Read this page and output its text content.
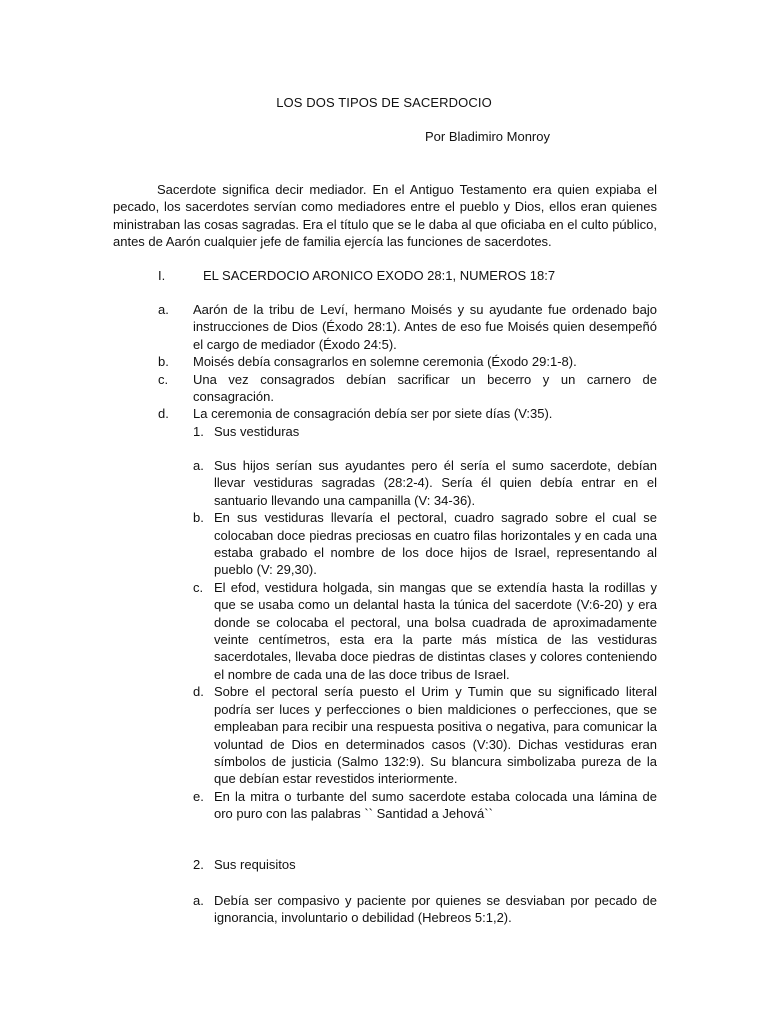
LOS DOS TIPOS DE SACERDOCIO
Por Bladimiro Monroy

Sacerdote significa decir mediador. En el Antiguo Testamento era quien expiaba el pecado, los sacerdotes servían como mediadores entre el pueblo y Dios, ellos eran quienes ministraban las cosas sagradas. Era el título que se le daba al que oficiaba en el culto público, antes de Aarón cualquier jefe de familia ejercía las funciones de sacerdotes.

I.	EL SACERDOCIO ARONICO EXODO 28:1, NUMEROS 18:7
a. Aarón de la tribu de Leví, hermano Moisés y su ayudante fue ordenado bajo instrucciones de Dios (Éxodo 28:1). Antes de eso fue Moisés quien desempeñó el cargo de mediador (Éxodo 24:5).
b. Moisés debía consagrarlos en solemne ceremonia (Éxodo 29:1-8).
c. Una vez consagrados debían sacrificar un becerro y un carnero de consagración.
d. La ceremonia de consagración debía ser por siete días (V:35).
1. Sus vestiduras
a. Sus hijos serían sus ayudantes pero él sería el sumo sacerdote, debían llevar vestiduras sagradas (28:2-4). Sería él quien debía entrar en el santuario llevando una campanilla (V: 34-36).
b. En sus vestiduras llevaría el pectoral, cuadro sagrado sobre el cual se colocaban doce piedras preciosas en cuatro filas horizontales y en cada una estaba grabado el nombre de los doce hijos de Israel, representando al pueblo (V: 29,30).
c. El efod, vestidura holgada, sin mangas que se extendía hasta la rodillas y que se usaba como un delantal hasta la túnica del sacerdote (V:6-20) y era donde se colocaba el pectoral, una bolsa cuadrada de aproximadamente veinte centímetros, esta era la parte más mística de las vestiduras sacerdotales, llevaba doce piedras de distintas clases y colores conteniendo el nombre de cada una de las doce tribus de Israel.
d. Sobre el pectoral sería puesto el Urim y Tumin que su significado literal podría ser luces y perfecciones o bien maldiciones o perfecciones, que se empleaban para recibir una respuesta positiva o negativa, para comunicar la voluntad de Dios en determinados casos (V:30). Dichas vestiduras eran símbolos de justicia (Salmo 132:9). Su blancura simbolizaba pureza de la que debían estar revestidos interiormente.
e. En la mitra o turbante del sumo sacerdote estaba colocada una lámina de oro puro con las palabras `` Santidad a Jehová``
2. Sus requisitos
a. Debía ser compasivo y paciente por quienes se desviaban por pecado de ignorancia, involuntario o debilidad (Hebreos 5:1,2).
